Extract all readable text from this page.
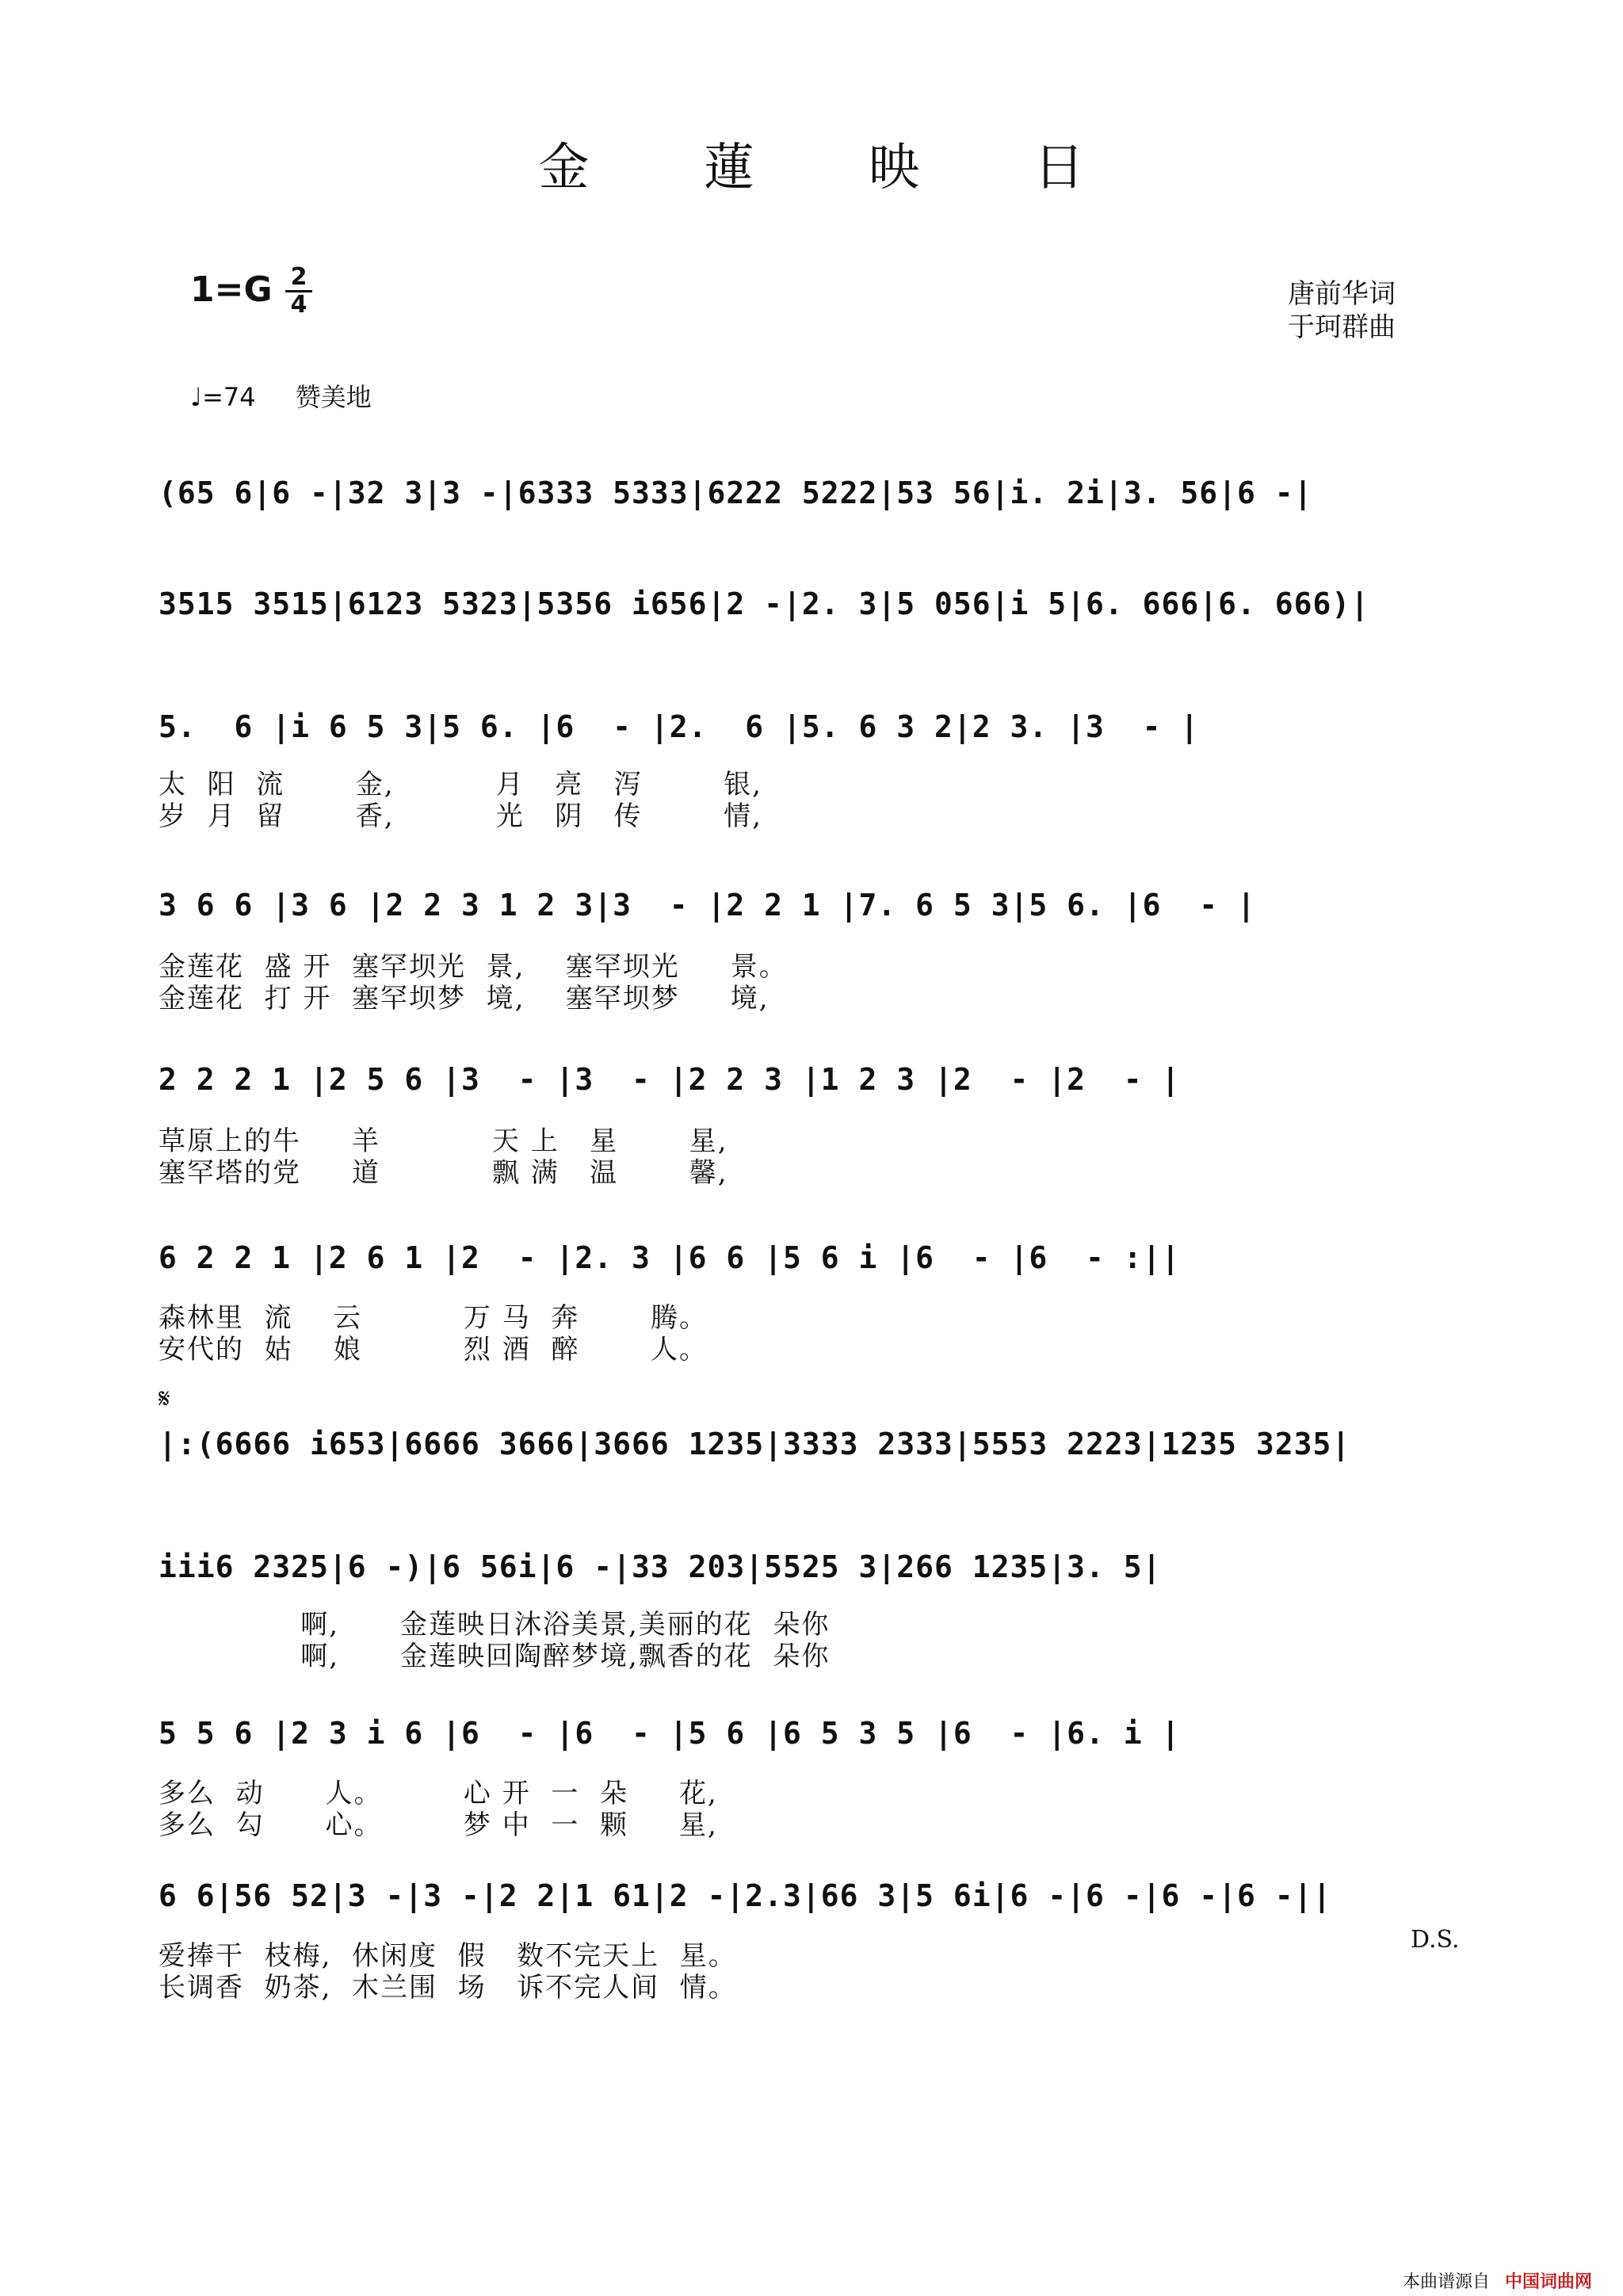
金 蓮 映 日
1=G 2
4	唐前华词
于珂群曲
♩=74 赞美地
(65 6|6 -|32 3|3 -|6333 5333|6222 5222|53 56|i. 2i|3. 56|6 -|
3515 3515|6123 5323|5356 i656|2 -|2. 3|5 056|i 5|6. 666|6. 666)|
5.  6 |i 6 5 3|5 6. |6  - |2.  6 |5. 6 3 2|2 3. |3  - |
太  阳  流       金,          月   亮   泻        银,
岁  月  留       香,          光   阴   传        情,
3 6 6 |3 6 |2 2 3 1 2 3|3  - |2 2 1 |7. 6 5 3|5 6. |6  - |
金莲花  盛 开  塞罕坝光  景,    塞罕坝光     景。
金莲花  打 开  塞罕坝梦  境,    塞罕坝梦     境,
2 2 2 1 |2 5 6 |3  - |3  - |2 2 3 |1 2 3 |2  - |2  - |
草原上的牛     羊           天 上   星       星,
塞罕塔的党     道           飘 满   温       馨,
6 2 2 1 |2 6 1 |2  - |2. 3 |6 6 |5 6 i |6  - |6  - :||
森林里  流    云          万 马  奔       腾。
安代的  姑    娘          烈 酒  醉       人。
𝄋
|:(6666 i653|6666 3666|3666 1235|3333 2333|5553 2223|1235 3235|
iii6 2325|6 -)|6 56i|6 -|33 203|5525 3|266 1235|3. 5|
啊,      金莲映日沐浴美景,美丽的花  朵你
啊,      金莲映回陶醉梦境,飘香的花  朵你
5 5 6 |2 3 i 6 |6  - |6  - |5 6 |6 5 3 5 |6  - |6. i |
多么  动      人。        心 开  一  朵     花,
多么  勾      心。        梦 中  一  颗     星,
6 6|56 52|3 -|3 -|2 2|1 61|2 -|2.3|66 3|5 6i|6 -|6 -|6 -|6 -||
爱捧干  枝梅,  休闲度  假   数不完天上  星。
长调香  奶茶,  木兰围  场   诉不完人间  情。
D.S.
本曲谱源自 中国词曲网
